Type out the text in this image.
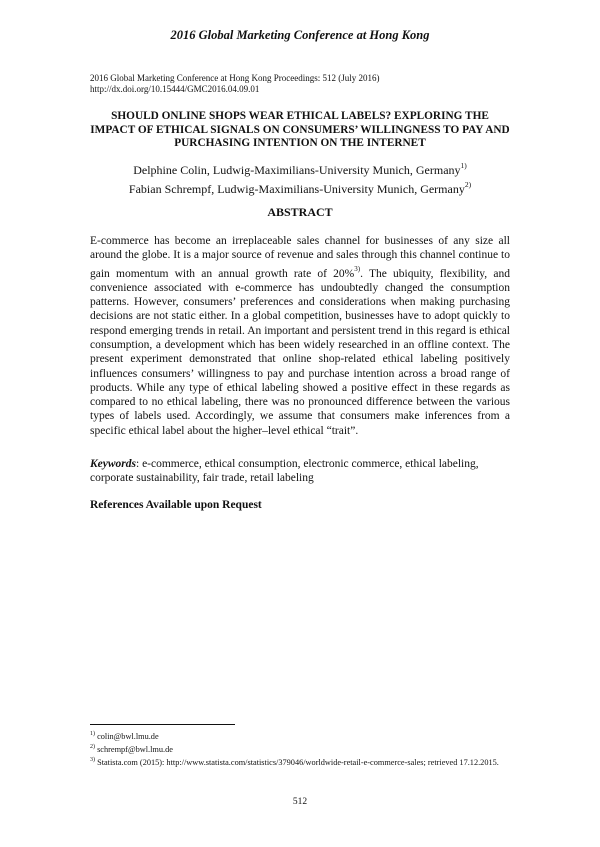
2016 Global Marketing Conference at Hong Kong
2016 Global Marketing Conference at Hong Kong Proceedings: 512 (July 2016)
http://dx.doi.org/10.15444/GMC2016.04.09.01
SHOULD ONLINE SHOPS WEAR ETHICAL LABELS? EXPLORING THE IMPACT OF ETHICAL SIGNALS ON CONSUMERS’ WILLINGNESS TO PAY AND PURCHASING INTENTION ON THE INTERNET
Delphine Colin, Ludwig-Maximilians-University Munich, Germany$^{1)}$
Fabian Schrempf, Ludwig-Maximilians-University Munich, Germany$^{2)}$
ABSTRACT
E-commerce has become an irreplaceable sales channel for businesses of any size all around the globe. It is a major source of revenue and sales through this channel continue to gain momentum with an annual growth rate of 20%$^{3)}$. The ubiquity, flexibility, and convenience associated with e-commerce has undoubtedly changed the consumption patterns. However, consumers’ preferences and considerations when making purchasing decisions are not static either. In a global competition, businesses have to adopt quickly to respond emerging trends in retail. An important and persistent trend in this regard is ethical consumption, a development which has been widely researched in an offline context. The present experiment demonstrated that online shop-related ethical labeling positively influences consumers’ willingness to pay and purchase intention across a broad range of products. While any type of ethical labeling showed a positive effect in these regards as compared to no ethical labeling, there was no pronounced difference between the various types of labels used. Accordingly, we assume that consumers make inferences from a specific ethical label about the higher–level ethical “trait”.
Keywords: e-commerce, ethical consumption, electronic commerce, ethical labeling, corporate sustainability, fair trade, retail labeling
References Available upon Request
$^{1)}$ colin@bwl.lmu.de
$^{2)}$ schrempf@bwl.lmu.de
$^{3)}$ Statista.com (2015): http://www.statista.com/statistics/379046/worldwide-retail-e-commerce-sales; retrieved 17.12.2015.
512
